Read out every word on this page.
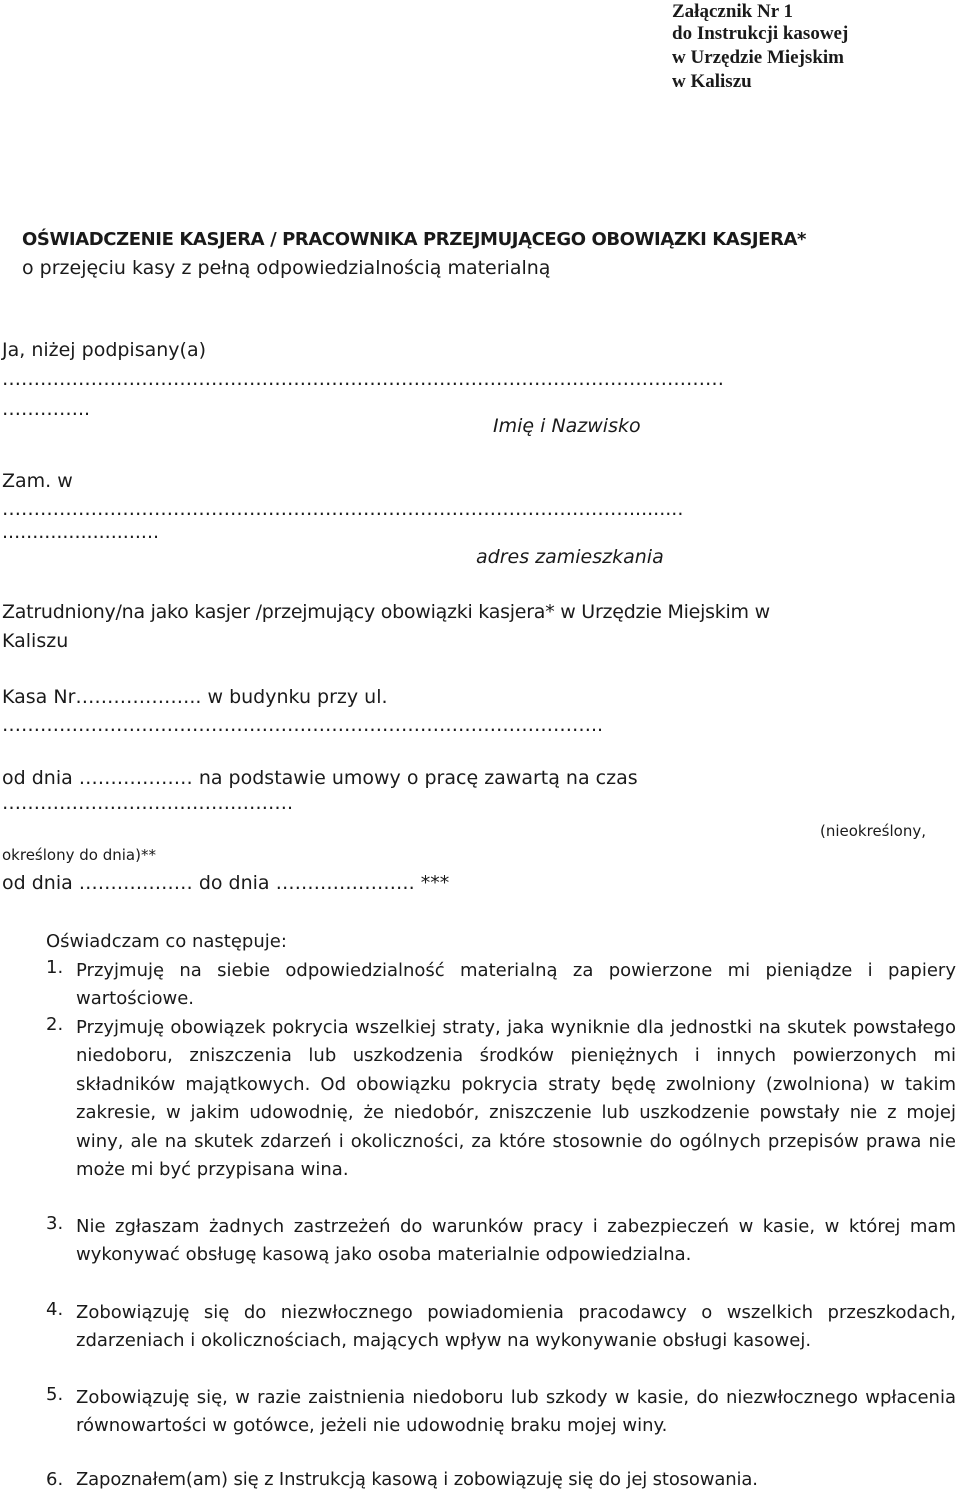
Załącznik Nr 1
do Instrukcji kasowej
w Urzędzie Miejskim
w Kaliszu
OŚWIADCZENIE KASJERA / PRACOWNIKA PRZEJMUJĄCEGO OBOWIĄZKI KASJERA*
o przejęciu kasy z pełną odpowiedzialnością materialną
Ja, niżej podpisany(a)
……………………………………………………………………………………………………
…………..
Imię i Nazwisko
Zam. w
……………………………………………………………………………………….........
..........................
adres zamieszkania
Zatrudniony/na jako kasjer /przejmujący obowiązki kasjera* w Urzędzie Miejskim w
Kaliszu
Kasa Nr……………….. w budynku przy ul.
…………………………………………………………………………………..
od dnia ……………… na podstawie umowy o pracę zawartą na czas
……………………………………….
(nieokreślony,
określony do dnia)**
od dnia ……………… do dnia …………………. ***
Oświadczam co następuje:
1. Przyjmuję na siebie odpowiedzialność materialną za powierzone mi pieniądze i papiery wartościowe.
2. Przyjmuję obowiązek pokrycia wszelkiej straty, jaka wyniknie dla jednostki na skutek powstałego niedoboru, zniszczenia lub uszkodzenia środków pieniężnych i innych powierzonych mi składników majątkowych. Od obowiązku pokrycia straty będę zwolniony (zwolniona) w takim zakresie, w jakim udowodnię, że niedobór, zniszczenie lub uszkodzenie powstały nie z mojej winy, ale na skutek zdarzeń i okoliczności, za które stosownie do ogólnych przepisów prawa nie może mi być przypisana wina.
3. Nie zgłaszam żadnych zastrzeżeń do warunków pracy i zabezpieczeń w kasie, w której mam wykonywać obsługę kasową jako osoba materialnie odpowiedzialna.
4. Zobowiązuję się do niezwłocznego powiadomienia pracodawcy o wszelkich przeszkodach, zdarzeniach i okolicznościach, mających wpływ na wykonywanie obsługi kasowej.
5. Zobowiązuję się, w razie zaistnienia niedoboru lub szkody w kasie, do niezwłocznego wpłacenia równowartości w gotówce, jeżeli nie udowodnię braku mojej winy.
6. Zapoznałem(am) się z Instrukcją kasową i zobowiązuję się do jej stosowania.
